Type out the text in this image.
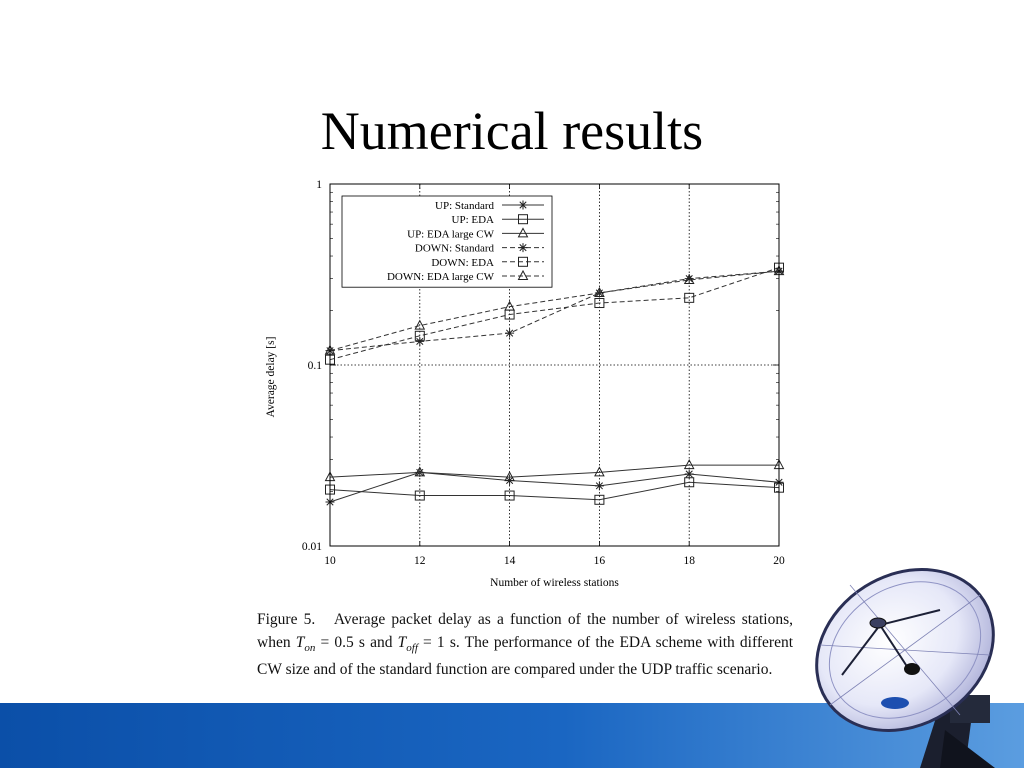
Numerical results
10	12	14	16	18	20
0.01
0.1
1
UP: Standard
UP: EDA
UP: EDA large CW
DOWN: Standard
DOWN: EDA
DOWN: EDA large CW
Number of wireless stations
Average delay [s]
Figure 5. Average packet delay as a function of the number of wireless stations, when $T_{on} = 0.5$ s and $T_{off} = 1$ s. The performance of the EDA scheme with different CW size and of the standard function are compared under the UDP traffic scenario.
